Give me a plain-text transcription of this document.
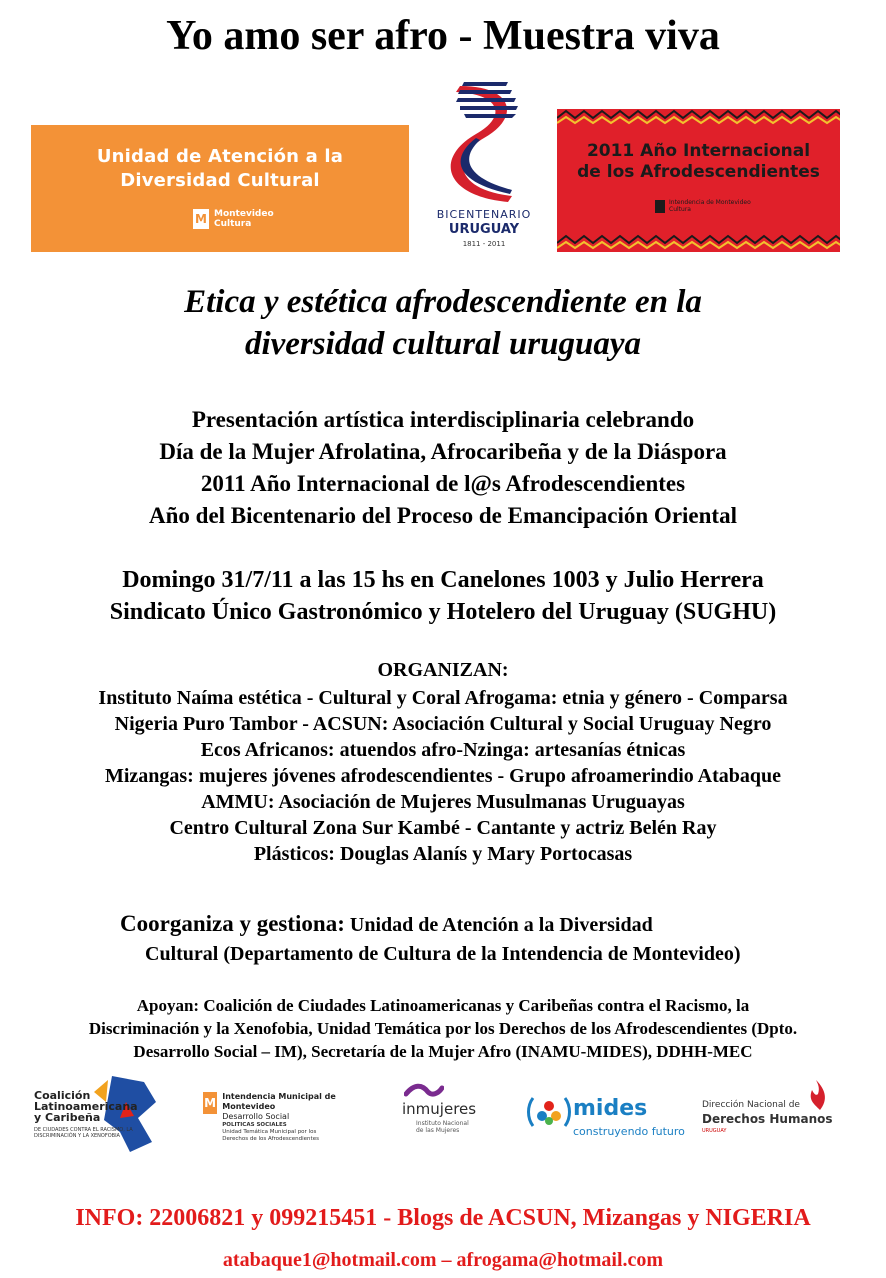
Yo amo ser afro - Muestra viva
Unidad de Atención a la
Diversidad Cultural
M Montevideo
Cultura
BICENTENARIO
URUGUAY
1811 - 2011
2011 Año Internacional
de los Afrodescendientes
Intendencia de Montevideo
Cultura
Etica y estética afrodescendiente en la
diversidad cultural uruguaya
Presentación artística interdisciplinaria celebrando
Día de la Mujer Afrolatina, Afrocaribeña y de la Diáspora
2011 Año Internacional de l@s Afrodescendientes
Año del Bicentenario del Proceso de Emancipación Oriental
Domingo 31/7/11 a las 15 hs en Canelones 1003 y Julio Herrera
Sindicato Único Gastronómico y Hotelero del Uruguay (SUGHU)
ORGANIZAN:
Instituto Naíma estética - Cultural y Coral Afrogama: etnia y género - Comparsa
Nigeria Puro Tambor - ACSUN: Asociación Cultural y Social Uruguay Negro
Ecos Africanos: atuendos afro-Nzinga: artesanías étnicas
Mizangas: mujeres jóvenes afrodescendientes - Grupo afroamerindio Atabaque
AMMU: Asociación de Mujeres Musulmanas Uruguayas
Centro Cultural Zona Sur Kambé - Cantante y actriz Belén Ray
Plásticos: Douglas Alanís y Mary Portocasas
Coorganiza y gestiona: Unidad de Atención a la Diversidad
Cultural (Departamento de Cultura de la Intendencia de Montevideo)
Apoyan: Coalición de Ciudades Latinoamericanas y Caribeñas contra el Racismo, la
Discriminación y la Xenofobia, Unidad Temática por los Derechos de los Afrodescendientes (Dpto.
Desarrollo Social – IM), Secretaría de la Mujer Afro (INAMU-MIDES), DDHH-MEC
Coalición
Latinoamericana
y Caribeña
DE CIUDADES CONTRA EL RACISMO, LA DISCRIMINACIÓN Y LA XENOFOBIA
M Intendencia Municipal de Montevideo
Desarrollo Social
POLITICAS SOCIALES
Unidad Temática Municipal por los
Derechos de los Afrodescendientes
inmujeres
Instituto Nacional
de las Mujeres
mides
construyendo futuro
Dirección Nacional de
Derechos Humanos
URUGUAY
INFO: 22006821 y 099215451 - Blogs de ACSUN, Mizangas y NIGERIA
atabaque1@hotmail.com – afrogama@hotmail.com
